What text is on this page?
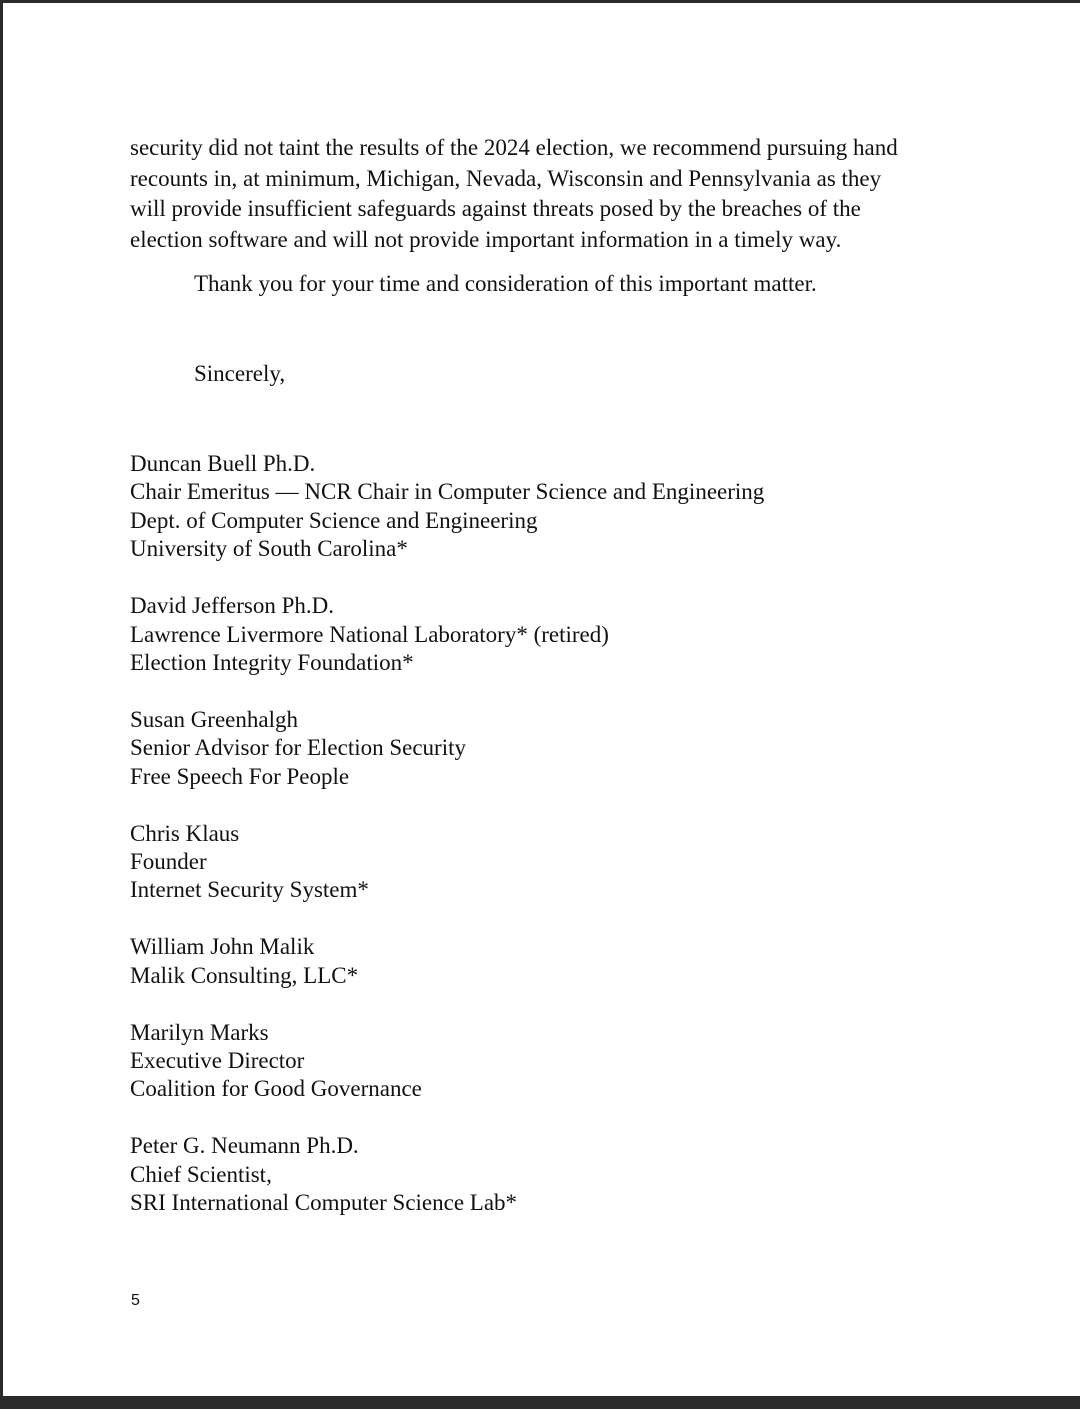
security did not taint the results of the 2024 election, we recommend pursuing hand
recounts in, at minimum, Michigan, Nevada, Wisconsin and Pennsylvania as they
will provide insufficient safeguards against threats posed by the breaches of the
election software and will not provide important information in a timely way.

Thank you for your time and consideration of this important matter.

Sincerely,

Duncan Buell Ph.D.
Chair Emeritus — NCR Chair in Computer Science and Engineering
Dept. of Computer Science and Engineering
University of South Carolina*
David Jefferson Ph.D.
Lawrence Livermore National Laboratory* (retired)
Election Integrity Foundation*
Susan Greenhalgh
Senior Advisor for Election Security
Free Speech For People
Chris Klaus
Founder
Internet Security System*
William John Malik
Malik Consulting, LLC*
Marilyn Marks
Executive Director
Coalition for Good Governance
Peter G. Neumann Ph.D.
Chief Scientist,
SRI International Computer Science Lab*

5
